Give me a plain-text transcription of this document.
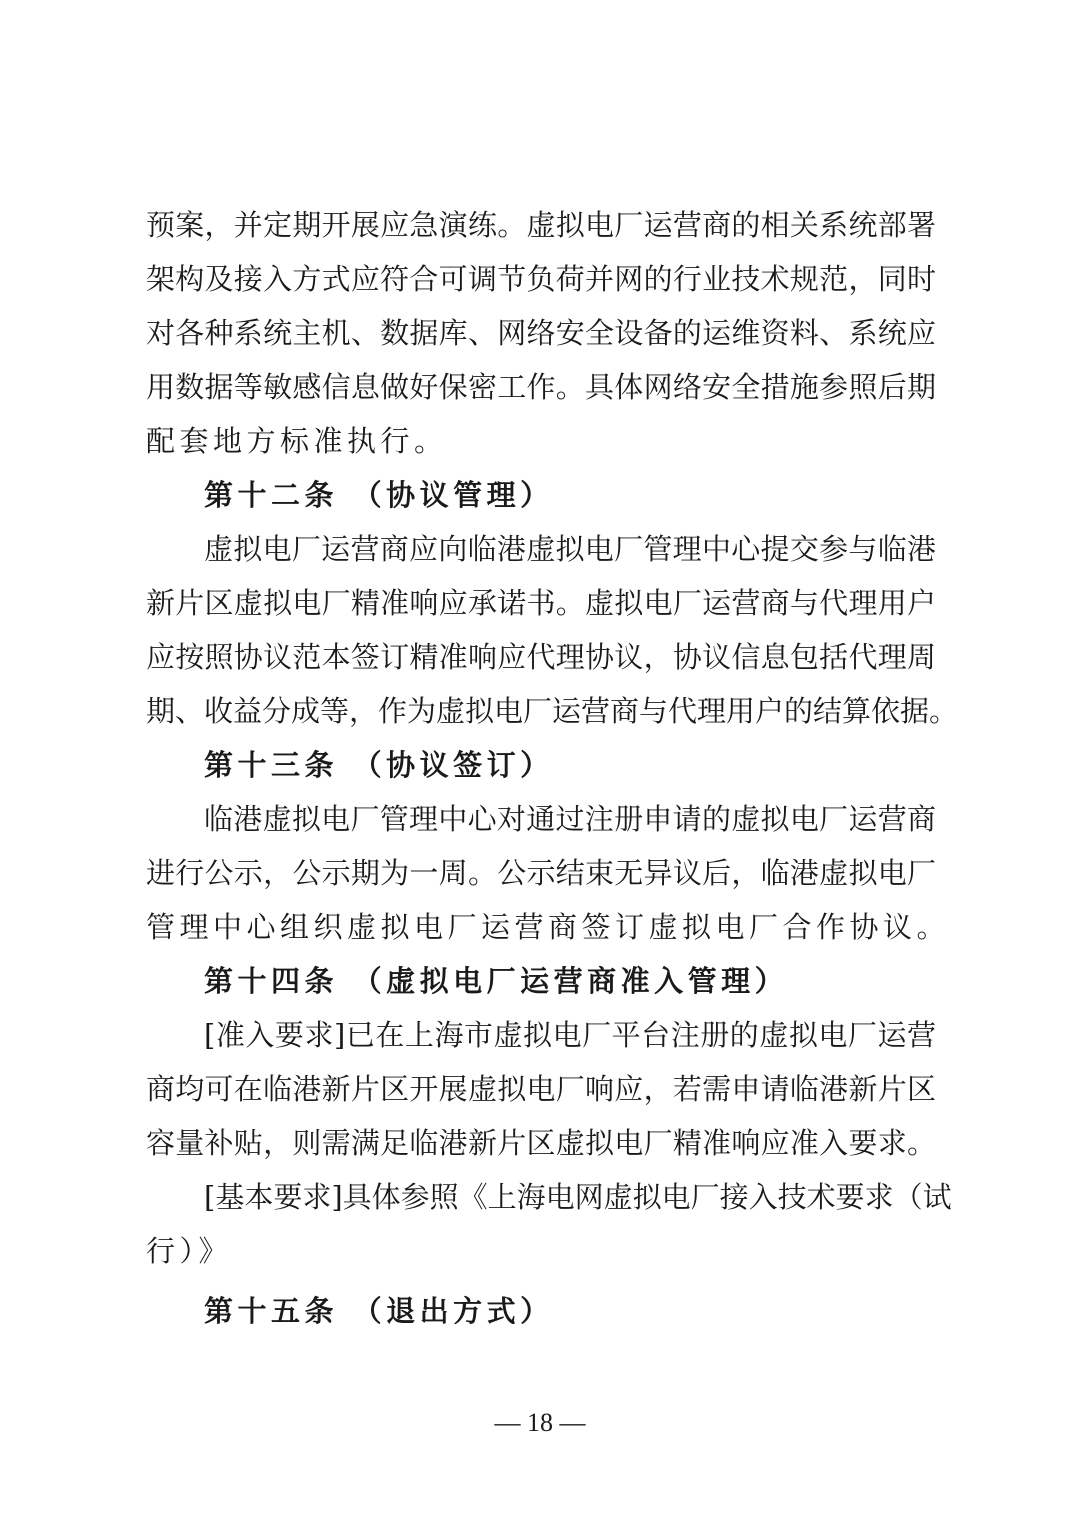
预案，并定期开展应急演练。虚拟电厂运营商的相关系统部署
架构及接入方式应符合可调节负荷并网的行业技术规范，同时
对各种系统主机、数据库、网络安全设备的运维资料、系统应
用数据等敏感信息做好保密工作。具体网络安全措施参照后期
配套地方标准执行。
第十二条 （协议管理）
虚拟电厂运营商应向临港虚拟电厂管理中心提交参与临港
新片区虚拟电厂精准响应承诺书。虚拟电厂运营商与代理用户
应按照协议范本签订精准响应代理协议，协议信息包括代理周
期、收益分成等，作为虚拟电厂运营商与代理用户的结算依据。
第十三条 （协议签订）
临港虚拟电厂管理中心对通过注册申请的虚拟电厂运营商
进行公示，公示期为一周。公示结束无异议后，临港虚拟电厂
管理中心组织虚拟电厂运营商签订虚拟电厂合作协议。
第十四条 （虚拟电厂运营商准入管理）
[准入要求]已在上海市虚拟电厂平台注册的虚拟电厂运营
商均可在临港新片区开展虚拟电厂响应，若需申请临港新片区
容量补贴，则需满足临港新片区虚拟电厂精准响应准入要求。
[基本要求]具体参照《上海电网虚拟电厂接入技术要求（试
行）》
第十五条 （退出方式）
— 18 —
